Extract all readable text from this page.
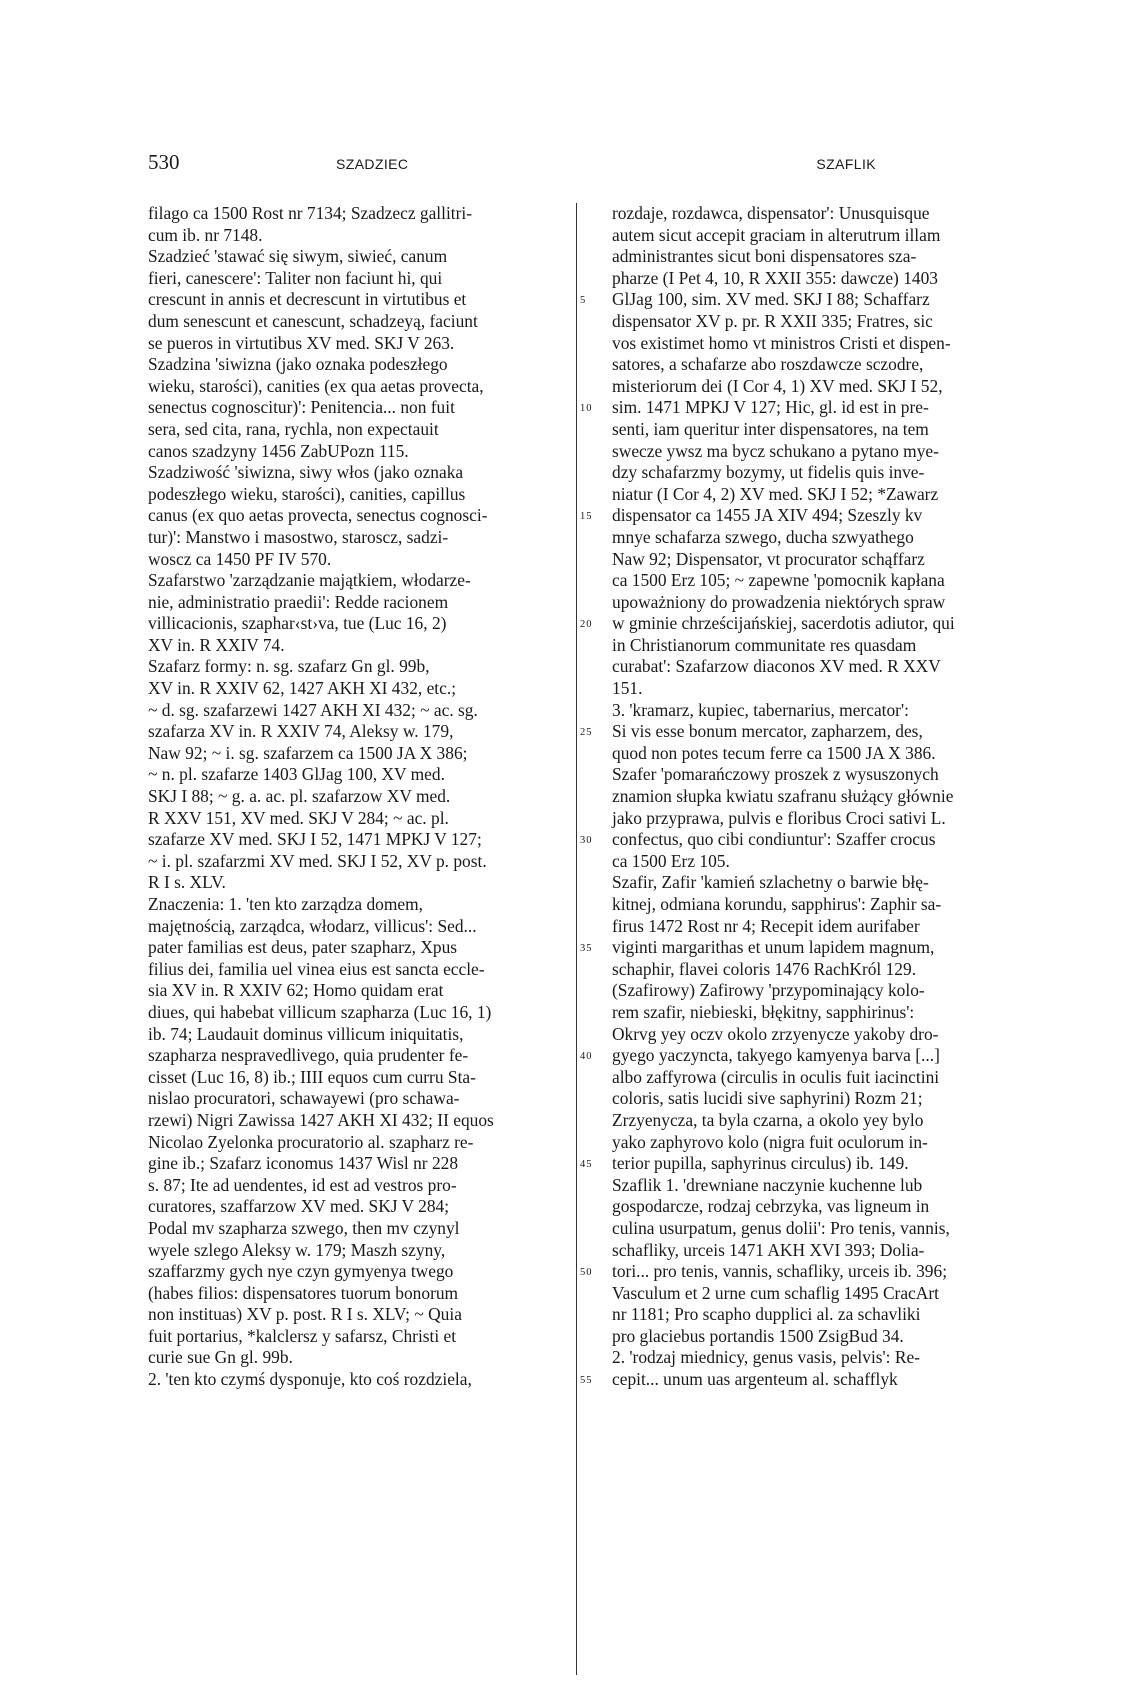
530	SZADZIEC	SZAFLIK
filago ca 1500 Rost nr 7134; Szadzecz gallitri-
cum ib. nr 7148.
Szadzieć 'stawać się siwym, siwieć, canum
fieri, canescere': Taliter non faciunt hi, qui
crescunt in annis et decrescunt in virtutibus et
dum senescunt et canescunt, schadzeyą, faciunt
se pueros in virtutibus XV med. SKJ V 263.
Szadzina 'siwizna (jako oznaka podeszłego
wieku, starości), canities (ex qua aetas provecta,
senectus cognoscitur)': Penitencia... non fuit
sera, sed cita, rana, rychla, non expectauit
canos szadzyny 1456 ZabUPozn 115.
Szadziwość 'siwizna, siwy włos (jako oznaka
podeszłego wieku, starości), canities, capillus
canus (ex quo aetas provecta, senectus cognosci-
tur)': Manstwo i masostwo, staroscz, sadzi-
woscz ca 1450 PF IV 570.
Szafarstwo 'zarządzanie majątkiem, włodarze-
nie, administratio praedii': Redde racionem
villicacionis, szaphar‹st›va, tue (Luc 16, 2)
XV in. R XXIV 74.
Szafarz formy: n. sg. szafarz Gn gl. 99b,
XV in. R XXIV 62, 1427 AKH XI 432, etc.;
~ d. sg. szafarzewi 1427 AKH XI 432; ~ ac. sg.
szafarza XV in. R XXIV 74, Aleksy w. 179,
Naw 92; ~ i. sg. szafarzem ca 1500 JA X 386;
~ n. pl. szafarze 1403 GlJag 100, XV med.
SKJ I 88; ~ g. a. ac. pl. szafarzow XV med.
R XXV 151, XV med. SKJ V 284; ~ ac. pl.
szafarze XV med. SKJ I 52, 1471 MPKJ V 127;
~ i. pl. szafarzmi XV med. SKJ I 52, XV p. post.
R I s. XLV.
Znaczenia: 1. 'ten kto zarządza domem,
majętnością, zarządca, włodarz, villicus': Sed...
pater familias est deus, pater szapharz, Xpus
filius dei, familia uel vinea eius est sancta eccle-
sia XV in. R XXIV 62; Homo quidam erat
diues, qui habebat villicum szapharza (Luc 16, 1)
ib. 74; Laudauit dominus villicum iniquitatis,
szapharza nespravedlivego, quia prudenter fe-
cisset (Luc 16, 8) ib.; IIII equos cum curru Sta-
nislao procuratori, schawayewi (pro schawa-
rzewi) Nigri Zawissa 1427 AKH XI 432; II equos
Nicolao Zyelonka procuratorio al. szapharz re-
gine ib.; Szafarz iconomus 1437 Wisl nr 228
s. 87; Ite ad uendentes, id est ad vestros pro-
curatores, szaffarzow XV med. SKJ V 284;
Podal mv szapharza szwego, then mv czynyl
wyele szlego Aleksy w. 179; Maszh szyny,
szaffarzmy gych nye czyn gymyenya twego
(habes filios: dispensatores tuorum bonorum
non instituas) XV p. post. R I s. XLV; ~ Quia
fuit portarius, *kalclersz y safarsz, Christi et
curie sue Gn gl. 99b.
2. 'ten kto czymś dysponuje, kto coś rozdziela,
5
10
15
20
25
30
35
40
45
50
55
rozdaje, rozdawca, dispensator': Unusquisque
autem sicut accepit graciam in alterutrum illam
administrantes sicut boni dispensatores sza-
pharze (I Pet 4, 10, R XXII 355: dawcze) 1403
GlJag 100, sim. XV med. SKJ I 88; Schaffarz
dispensator XV p. pr. R XXII 335; Fratres, sic
vos existimet homo vt ministros Cristi et dispen-
satores, a schafarze abo roszdawcze sczodre,
misteriorum dei (I Cor 4, 1) XV med. SKJ I 52,
sim. 1471 MPKJ V 127; Hic, gl. id est in pre-
senti, iam queritur inter dispensatores, na tem
swecze ywsz ma bycz schukano a pytano myе-
dzy schafarzmy bozymy, ut fidelis quis inve-
niatur (I Cor 4, 2) XV med. SKJ I 52; *Zawarz
dispensator ca 1455 JA XIV 494; Szeszly kv
mnye schafarza szwego, ducha szwyathego
Naw 92; Dispensator, vt procurator schąffarz
ca 1500 Erz 105; ~ zapewne 'pomocnik kapłana
upoważniony do prowadzenia niektórych spraw
w gminie chrześcijańskiej, sacerdotis adiutor, qui
in Christianorum communitate res quasdam
curabat': Szafarzow diaconos XV med. R XXV
151.
3. 'kramarz, kupiec, tabernarius, mercator':
Si vis esse bonum mercator, zapharzem, des,
quod non potes tecum ferre ca 1500 JA X 386.
Szafer 'pomarańczowy proszek z wysuszonych
znamion słupka kwiatu szafranu służący głównie
jako przyprawa, pulvis e floribus Croci sativi L.
confectus, quo cibi condiuntur': Szaffer crocus
ca 1500 Erz 105.
Szafir, Zafir 'kamień szlachetny o barwie błę-
kitnej, odmiana korundu, sapphirus': Zaphir sa-
firus 1472 Rost nr 4; Recepit idem aurifaber
viginti margarithas et unum lapidem magnum,
schaphir, flavei coloris 1476 RachKról 129.
(Szafirowy) Zafirowy 'przypominający kolo-
rem szafir, niebieski, błękitny, sapphirinus':
Okrvg yey oczv okolo zrzyenycze yakoby dro-
gyego yaczyncta, takyego kamyenya barva [...]
albo zaffyrowa (circulis in oculis fuit iacinctini
coloris, satis lucidi sive saphyrini) Rozm 21;
Zrzyenycza, ta byla czarna, a okolo yey bylo
yako zaphyrovo kolo (nigra fuit oculorum in-
terior pupilla, saphyrinus circulus) ib. 149.
Szaflik 1. 'drewniane naczynie kuchenne lub
gospodarcze, rodzaj cebrzyka, vas ligneum in
culina usurpatum, genus dolii': Pro tenis, vannis,
schafliky, urceis 1471 AKH XVI 393; Dolia-
tori... pro tenis, vannis, schafliky, urceis ib. 396;
Vasculum et 2 urne cum schaflig 1495 CracArt
nr 1181; Pro scapho dupplici al. za schavliki
pro glaciebus portandis 1500 ZsigBud 34.
2. 'rodzaj miednicy, genus vasis, pelvis': Re-
cepit... unum uas argenteum al. schafflyk
